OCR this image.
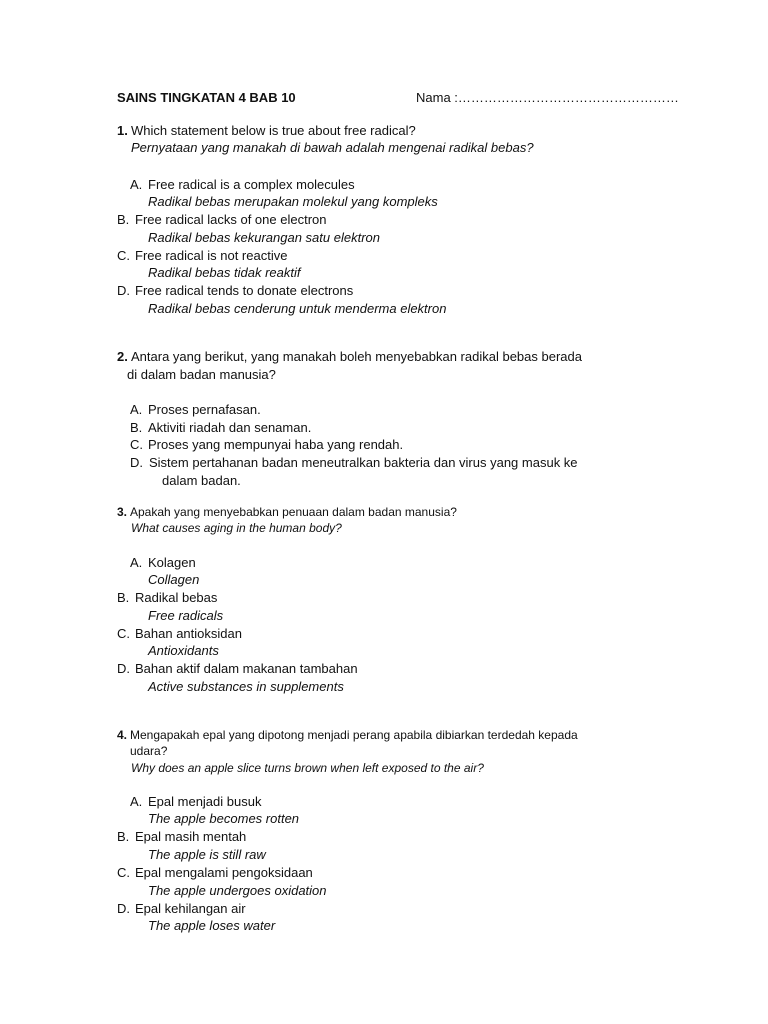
SAINS TINGKATAN 4 BAB 10	Nama :……………………………………………
1. Which statement below is true about free radical?
Pernyataan yang manakah di bawah adalah mengenai radikal bebas?
A. Free radical is a complex molecules
Radikal bebas merupakan molekul yang kompleks
B. Free radical lacks of one electron
Radikal bebas kekurangan satu elektron
C. Free radical is not reactive
Radikal bebas tidak reaktif
D. Free radical tends to donate electrons
Radikal bebas cenderung untuk menderma elektron
2. Antara yang berikut, yang manakah boleh menyebabkan radikal bebas berada
di dalam badan manusia?
A. Proses pernafasan.
B. Aktiviti riadah dan senaman.
C. Proses yang mempunyai haba yang rendah.
D. Sistem pertahanan badan meneutralkan bakteria dan virus yang masuk ke
dalam badan.
3. Apakah yang menyebabkan penuaan dalam badan manusia?
What causes aging in the human body?
A. Kolagen
Collagen
B. Radikal bebas
Free radicals
C. Bahan antioksidan
Antioxidants
D. Bahan aktif dalam makanan tambahan
Active substances in supplements
4. Mengapakah epal yang dipotong menjadi perang apabila dibiarkan terdedah kepada
udara?
Why does an apple slice turns brown when left exposed to the air?
A. Epal menjadi busuk
The apple becomes rotten
B. Epal masih mentah
The apple is still raw
C. Epal mengalami pengoksidaan
The apple undergoes oxidation
D. Epal kehilangan air
The apple loses water
